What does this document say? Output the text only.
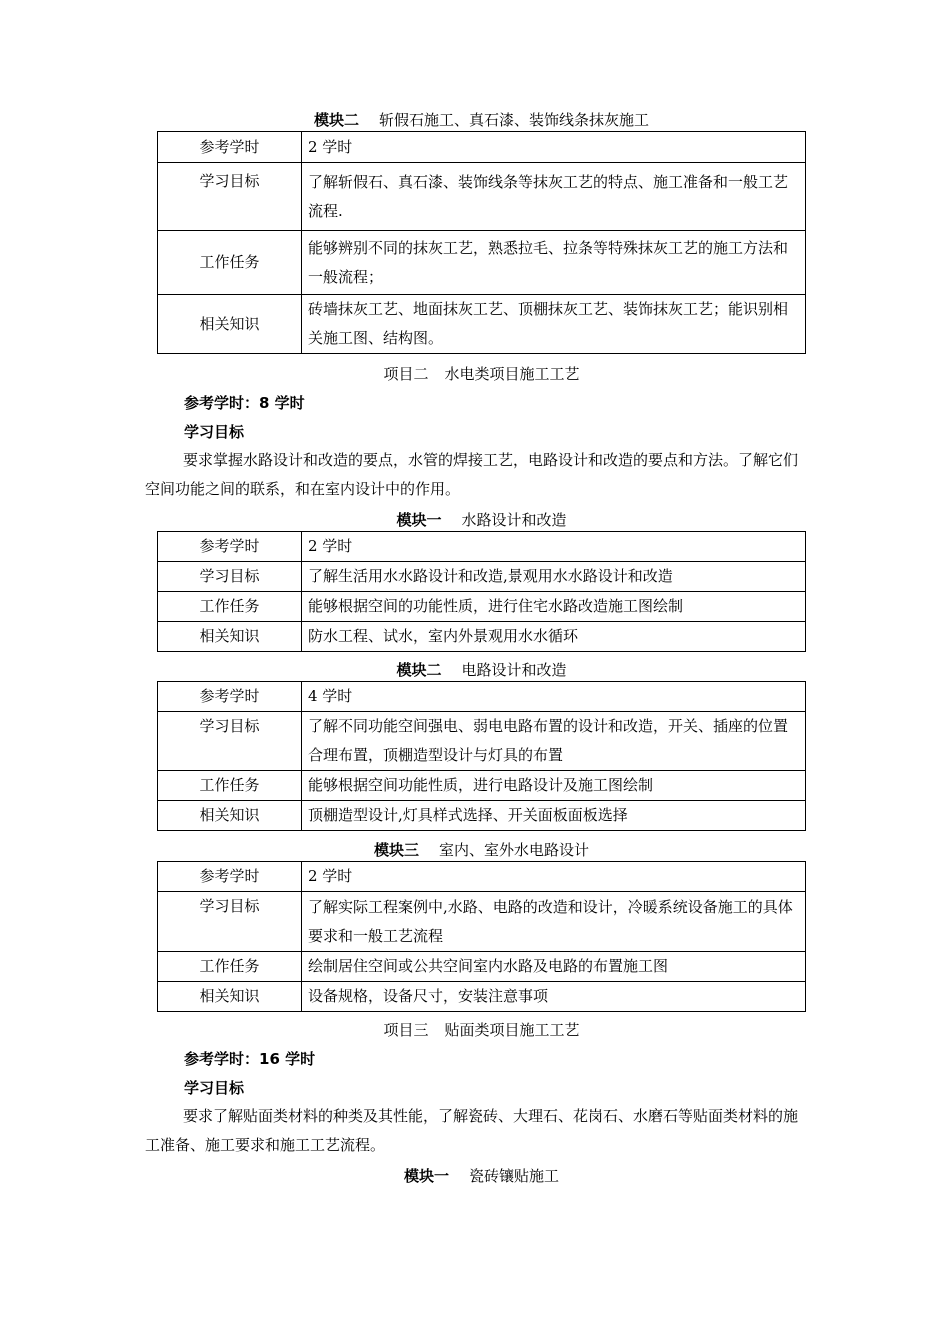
模块二 斩假石施工、真石漆、装饰线条抹灰施工

参考学时	2 学时
学习目标	了解斩假石、真石漆、装饰线条等抹灰工艺的特点、施工准备和一般工艺流程.
工作任务	能够辨别不同的抹灰工艺，熟悉拉毛、拉条等特殊抹灰工艺的施工方法和一般流程；
相关知识	砖墙抹灰工艺、地面抹灰工艺、顶棚抹灰工艺、装饰抹灰工艺；能识别相关施工图、结构图。

项目二 水电类项目施工工艺

参考学时：8 学时

学习目标

要求掌握水路设计和改造的要点，水管的焊接工艺，电路设计和改造的要点和方法。了解它们空间功能之间的联系，和在室内设计中的作用。

模块一 水路设计和改造

参考学时	2 学时
学习目标	了解生活用水水路设计和改造,景观用水水路设计和改造
工作任务	能够根据空间的功能性质，进行住宅水路改造施工图绘制
相关知识	防水工程、试水，室内外景观用水水循环

模块二 电路设计和改造

参考学时	4 学时
学习目标	了解不同功能空间强电、弱电电路布置的设计和改造，开关、插座的位置合理布置，顶棚造型设计与灯具的布置
工作任务	能够根据空间功能性质，进行电路设计及施工图绘制
相关知识	顶棚造型设计,灯具样式选择、开关面板面板选择

模块三 室内、室外水电路设计

参考学时	2 学时
学习目标	了解实际工程案例中,水路、电路的改造和设计，冷暖系统设备施工的具体要求和一般工艺流程
工作任务	绘制居住空间或公共空间室内水路及电路的布置施工图
相关知识	设备规格，设备尺寸，安装注意事项

项目三 贴面类项目施工工艺

参考学时：16 学时

学习目标

要求了解贴面类材料的种类及其性能，了解瓷砖、大理石、花岗石、水磨石等贴面类材料的施工准备、施工要求和施工工艺流程。

模块一 瓷砖镶贴施工
